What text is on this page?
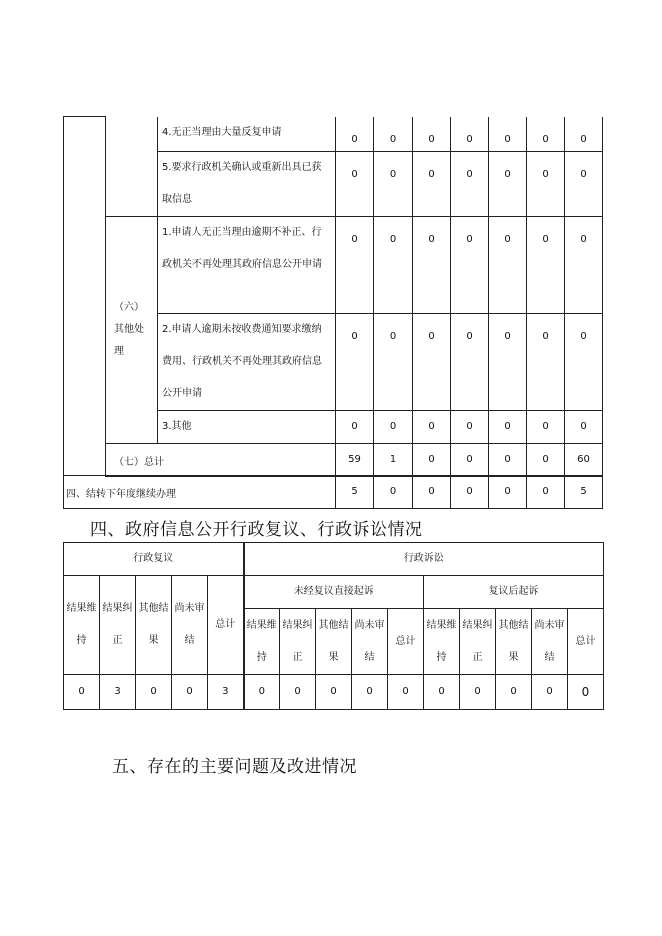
		4.无正当理由大量反复申请	0	0	0	0	0	0	0
		5.要求行政机关确认或重新出具已获取信息	0	0	0	0	0	0	0
	（六）其他处理	1.申请人无正当理由逾期不补正、行政机关不再处理其政府信息公开申请	0	0	0	0	0	0	0
		2.申请人逾期未按收费通知要求缴纳费用、行政机关不再处理其政府信息公开申请	0	0	0	0	0	0	0
		3.其他	0	0	0	0	0	0	0
	（七）总计		59	1	0	0	0	0	60
四、结转下年度继续办理	5	0	0	0	0	0	5
四、政府信息公开行政复议、行政诉讼情况
行政复议					行政诉讼									
结果维持	结果纠正	其他结果	尚未审结	总计	未经复议直接起诉					复议后起诉				
					结果维持	结果纠正	其他结果	尚未审结	总计	结果维持	结果纠正	其他结果	尚未审结	总计
0	3	0	0	3	0	0	0	0	0	0	0	0	0	0
五、存在的主要问题及改进情况
